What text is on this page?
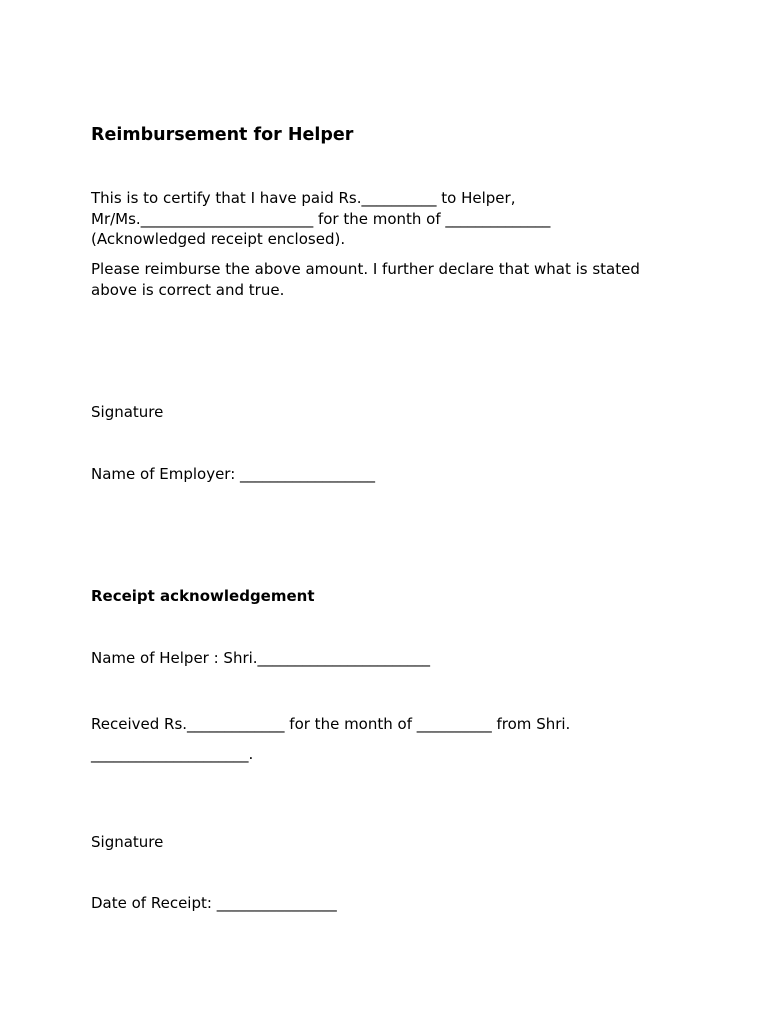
Reimbursement for Helper

This is to certify that I have paid Rs.__________ to Helper,
Mr/Ms._______________________ for the month of ______________
(Acknowledged receipt enclosed).

Please reimburse the above amount. I further declare that what is stated
above is correct and true.

Signature

Name of Employer: __________________

Receipt acknowledgement

Name of Helper : Shri._______________________

Received Rs._____________ for the month of __________ from Shri.
_____________________.

Signature

Date of Receipt: ________________
